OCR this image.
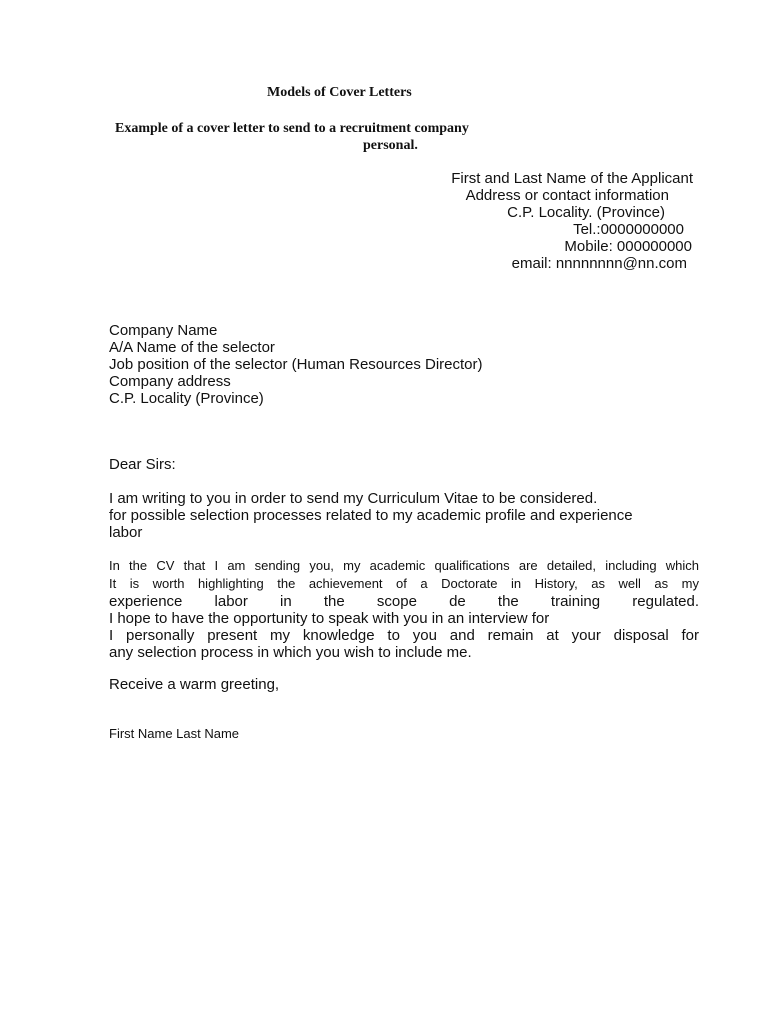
Models of Cover Letters
Example of a cover letter to send to a recruitment company
personal.
First and Last Name of the Applicant
Address or contact information
C.P. Locality. (Province)
Tel.:0000000000
Mobile: 000000000
email: nnnnnnnn@nn.com
Company Name
A/A Name of the selector
Job position of the selector (Human Resources Director)
Company address
C.P. Locality (Province)
Dear Sirs:
I am writing to you in order to send my Curriculum Vitae to be considered.
for possible selection processes related to my academic profile and experience
labor
In the CV that I am sending you, my academic qualifications are detailed, including which
It is worth highlighting the achievement of a Doctorate in History, as well as my
experience labor in the scope de the training regulated.
I hope to have the opportunity to speak with you in an interview for
I personally present my knowledge to you and remain at your disposal for
any selection process in which you wish to include me.
Receive a warm greeting,
First Name Last Name
